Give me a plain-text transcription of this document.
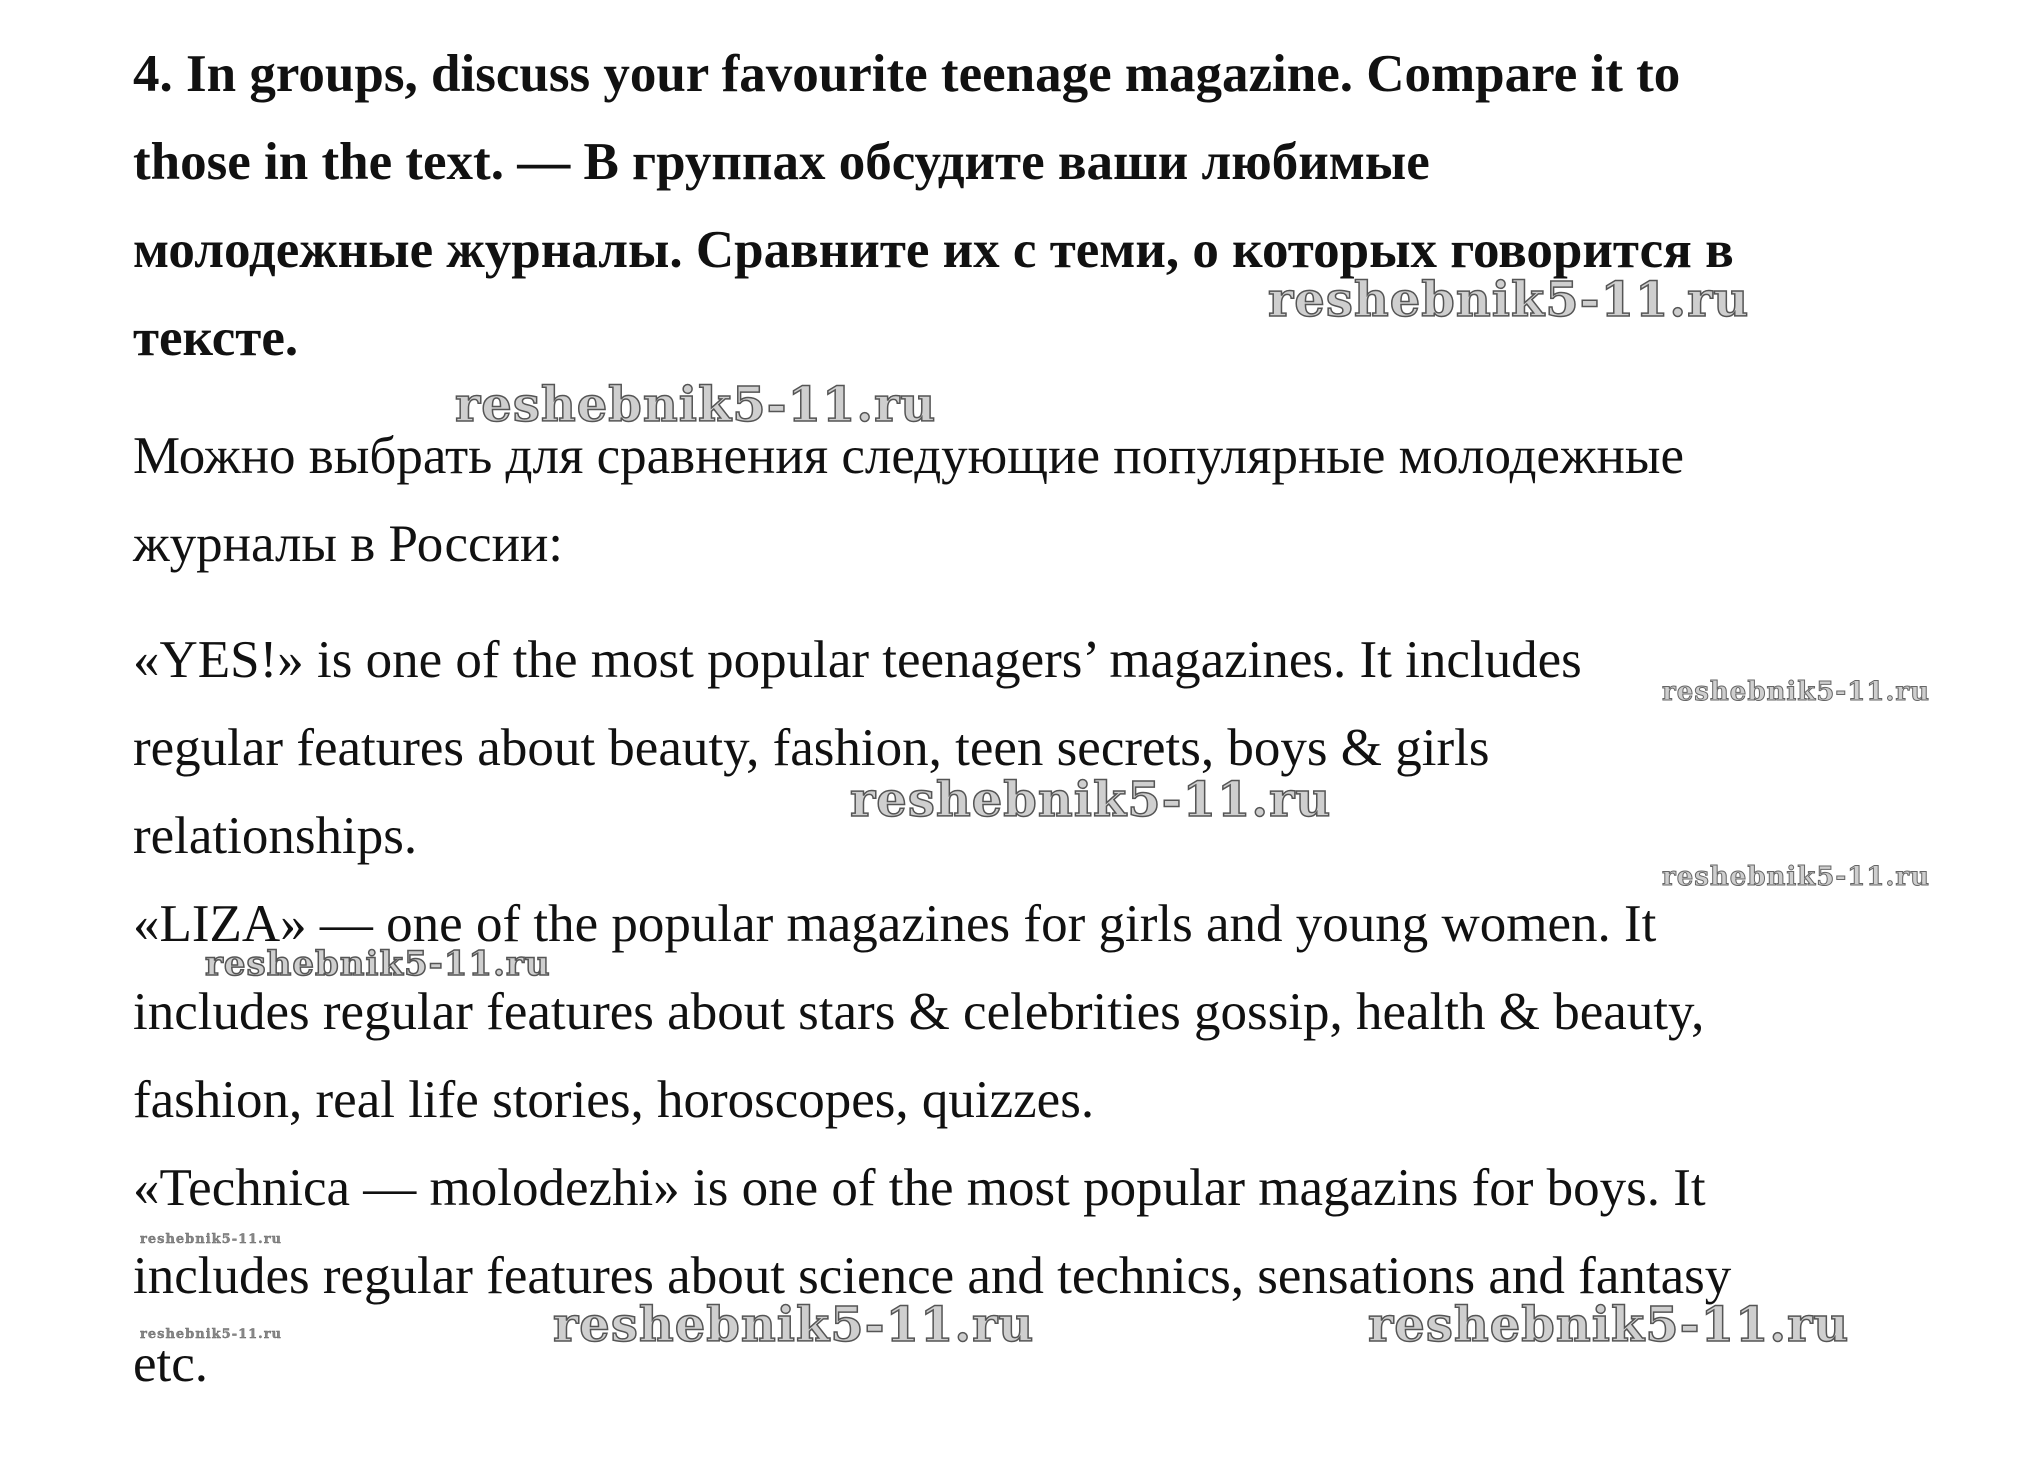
4. In groups, discuss your favourite teenage magazine. Compare it to
those in the text. — В группах обсудите ваши любимые
молодежные журналы. Сравните их с теми, о которых говорится в
тексте.
Можно выбрать для сравнения следующие популярные молодежные
журналы в России:
«YES!» is one of the most popular teenagers’ magazines. It includes
regular features about beauty, fashion, teen secrets, boys & girls
relationships.
«LIZA» — one of the popular magazines for girls and young women. It
includes regular features about stars & celebrities gossip, health & beauty,
fashion, real life stories, horoscopes, quizzes.
«Technica — molodezhi» is one of the most popular magazins for boys. It
includes regular features about science and technics, sensations and fantasy
etc.
reshebnik5-11.ru
reshebnik5-11.ru
reshebnik5-11.ru
reshebnik5-11.ru
reshebnik5-11.ru
reshebnik5-11.ru
reshebnik5-11.ru
reshebnik5-11.ru	reshebnik5-11.ru	reshebnik5-11.ru
